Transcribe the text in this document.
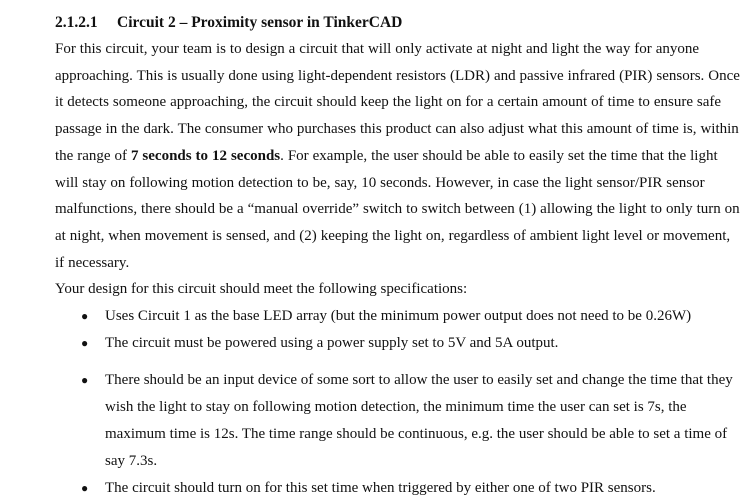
2.1.2.1 Circuit 2 – Proximity sensor in TinkerCAD

For this circuit, your team is to design a circuit that will only activate at night and light the way for anyone approaching. This is usually done using light-dependent resistors (LDR) and passive infrared (PIR) sensors. Once it detects someone approaching, the circuit should keep the light on for a certain amount of time to ensure safe passage in the dark. The consumer who purchases this product can also adjust what this amount of time is, within the range of 7 seconds to 12 seconds. For example, the user should be able to easily set the time that the light will stay on following motion detection to be, say, 10 seconds. However, in case the light sensor/PIR sensor malfunctions, there should be a “manual override” switch to switch between (1) allowing the light to only turn on at night, when movement is sensed, and (2) keeping the light on, regardless of ambient light level or movement, if necessary.

Your design for this circuit should meet the following specifications:

● Uses Circuit 1 as the base LED array (but the minimum power output does not need to be 0.26W)
● The circuit must be powered using a power supply set to 5V and 5A output.
● There should be an input device of some sort to allow the user to easily set and change the time that they wish the light to stay on following motion detection, the minimum time the user can set is 7s, the maximum time is 12s. The time range should be continuous, e.g. the user should be able to set a time of say 7.3s.
● The circuit should turn on for this set time when triggered by either one of two PIR sensors.
